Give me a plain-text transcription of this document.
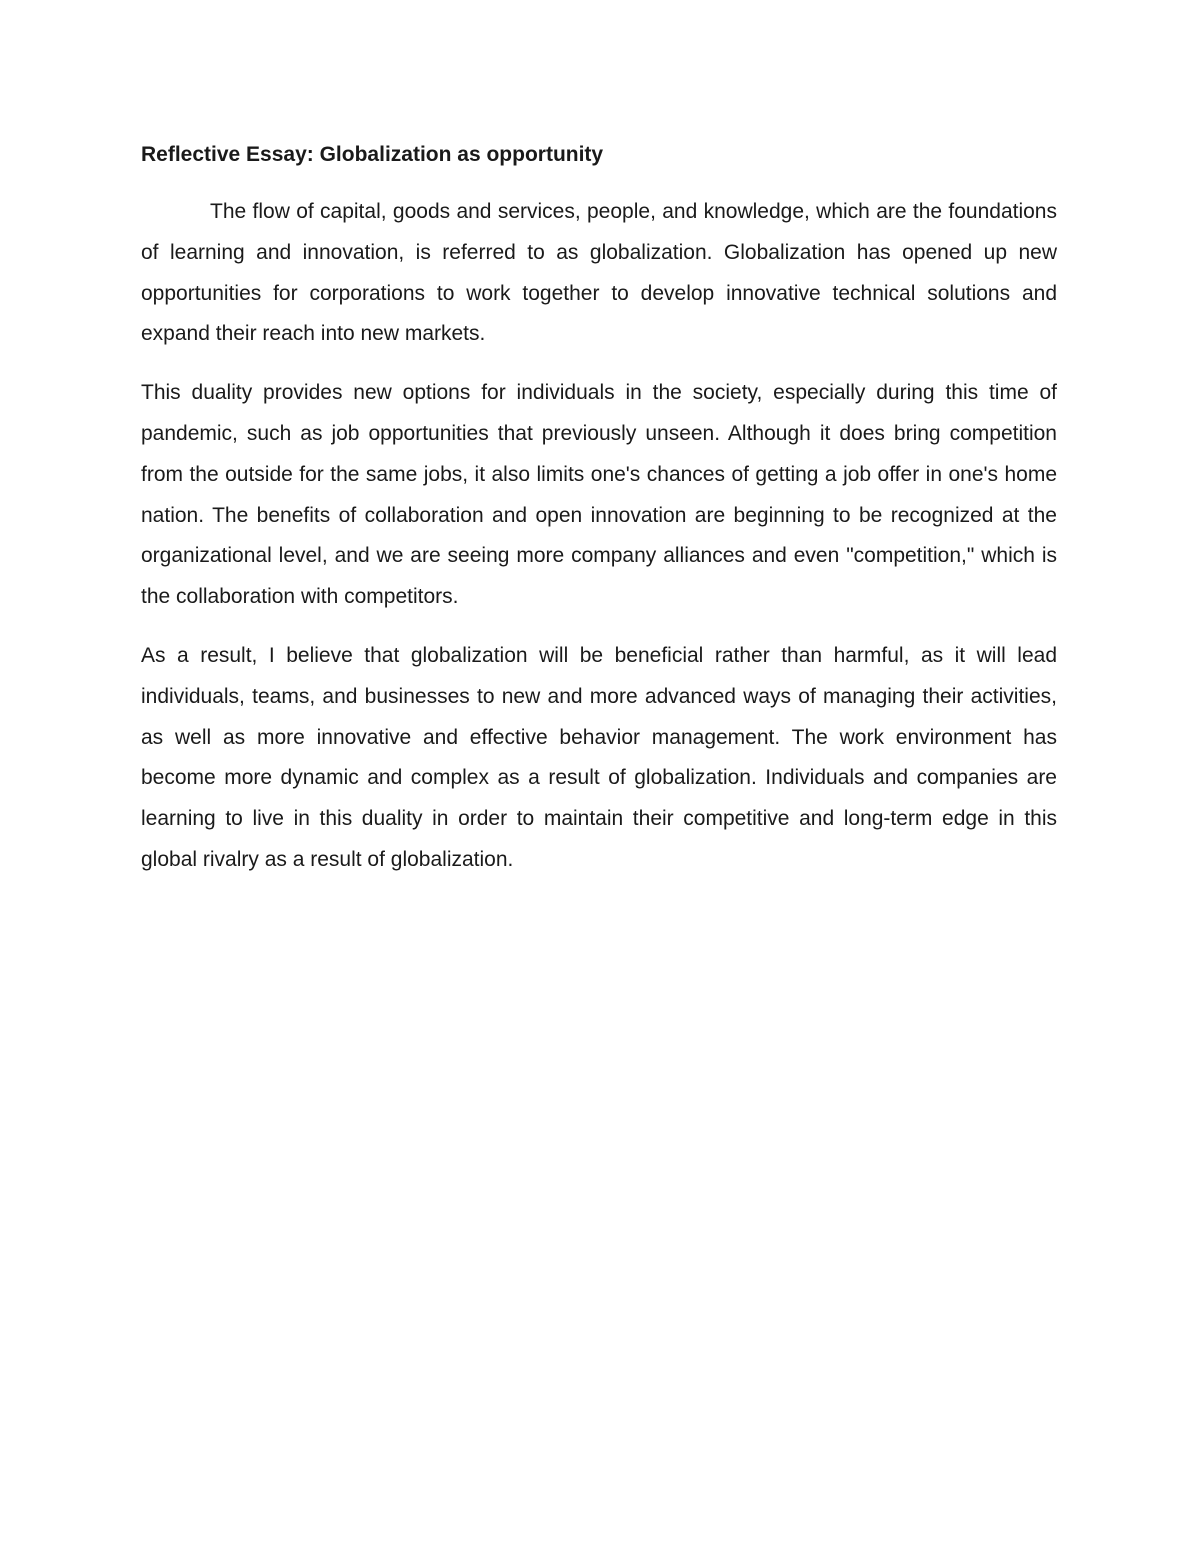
Reflective Essay: Globalization as opportunity

The flow of capital, goods and services, people, and knowledge, which are the foundations of learning and innovation, is referred to as globalization. Globalization has opened up new opportunities for corporations to work together to develop innovative technical solutions and expand their reach into new markets.

This duality provides new options for individuals in the society, especially during this time of pandemic, such as job opportunities that previously unseen. Although it does bring competition from the outside for the same jobs, it also limits one's chances of getting a job offer in one's home nation. The benefits of collaboration and open innovation are beginning to be recognized at the organizational level, and we are seeing more company alliances and even "competition," which is the collaboration with competitors.

As a result, I believe that globalization will be beneficial rather than harmful, as it will lead individuals, teams, and businesses to new and more advanced ways of managing their activities, as well as more innovative and effective behavior management. The work environment has become more dynamic and complex as a result of globalization. Individuals and companies are learning to live in this duality in order to maintain their competitive and long-term edge in this global rivalry as a result of globalization.
